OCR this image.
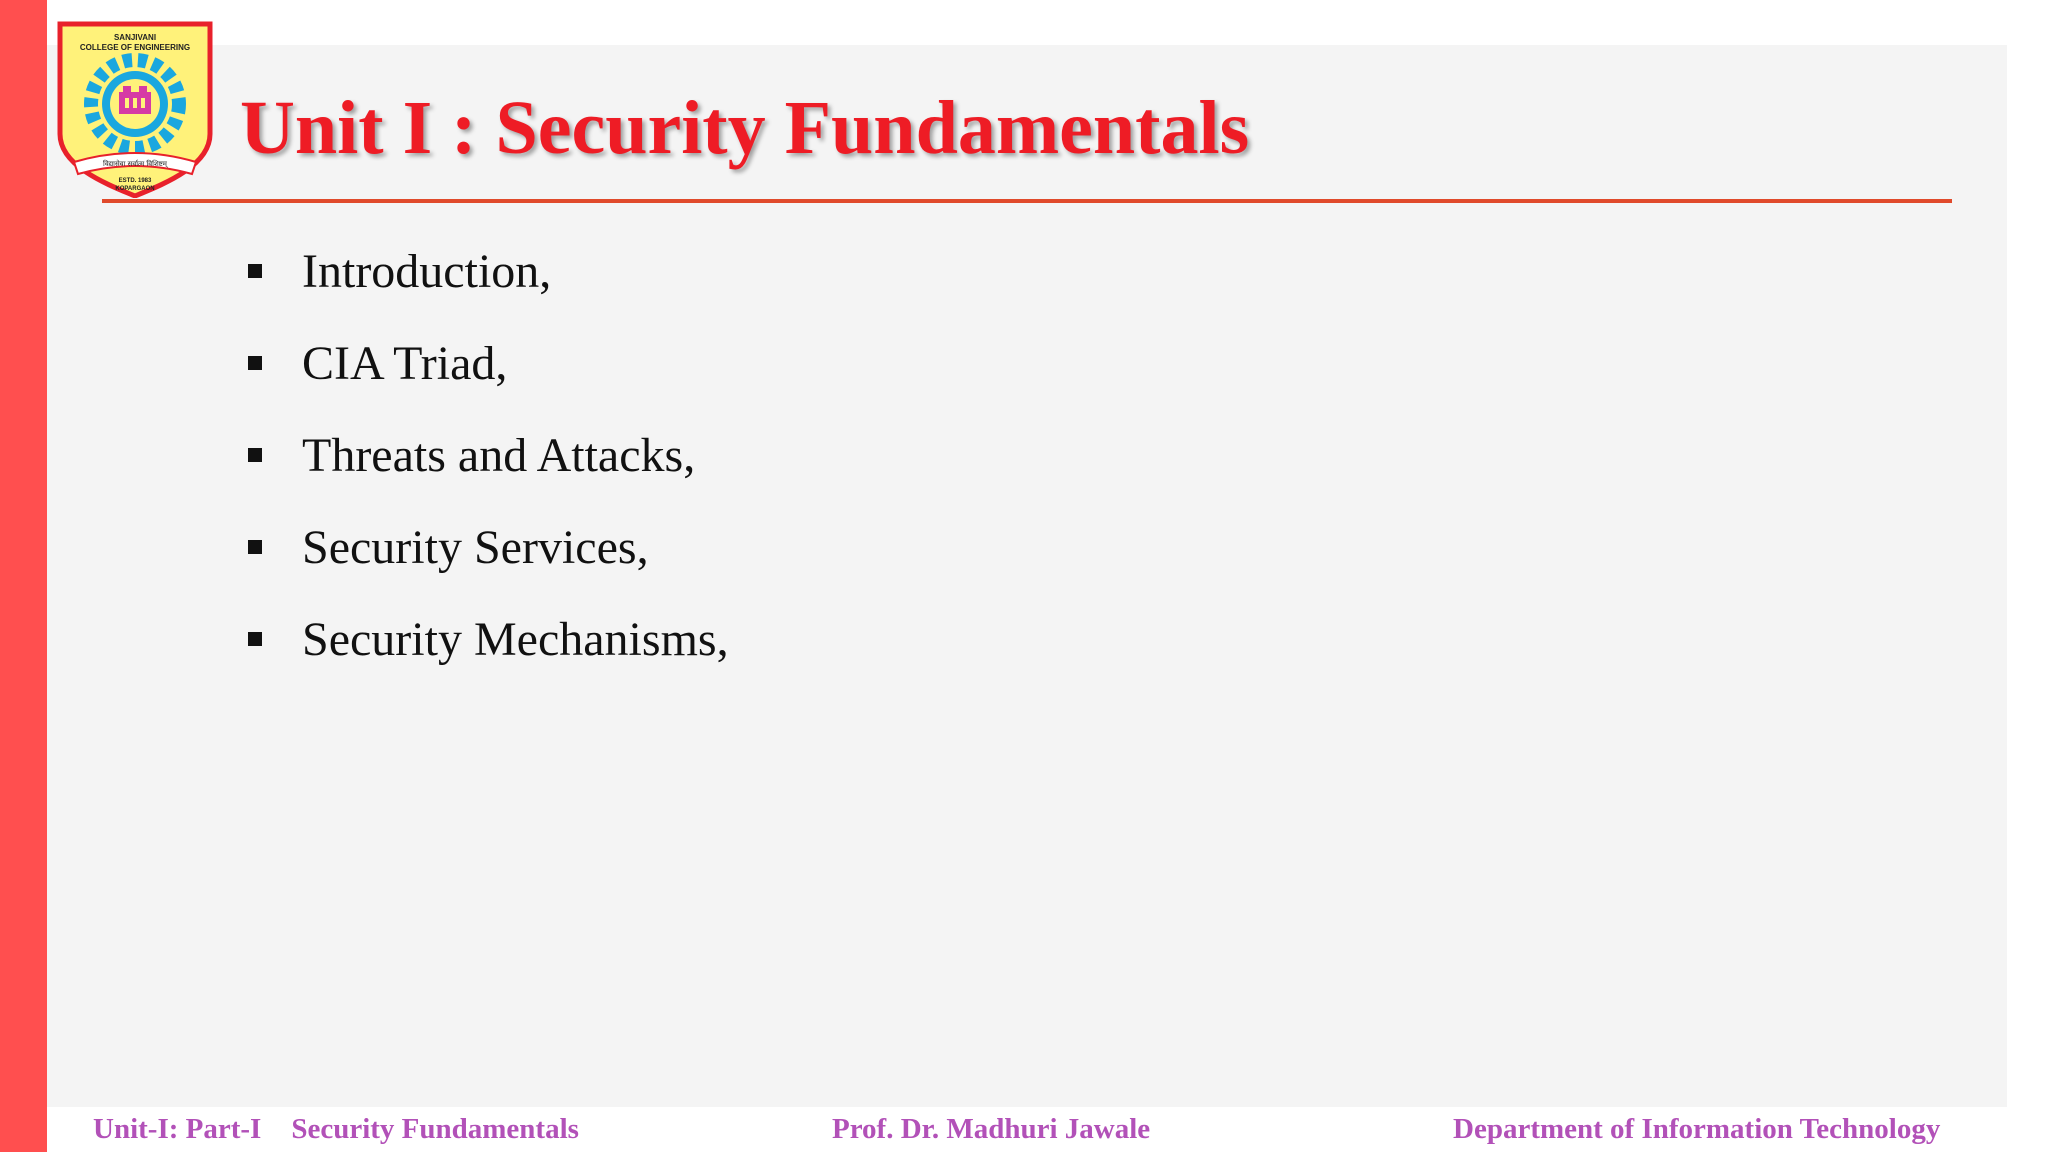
SANJIVANI
COLLEGE OF ENGINEERING
विद्यासेवा सर्वात्म विशिष्टम्
ESTD. 1983
KOPARGAON
Unit I : Security Fundamentals
Introduction,
CIA Triad,
Threats and Attacks,
Security Services,
Security Mechanisms,
Unit-I: Part-I Security Fundamentals	Prof. Dr. Madhuri Jawale	Department of Information Technology
